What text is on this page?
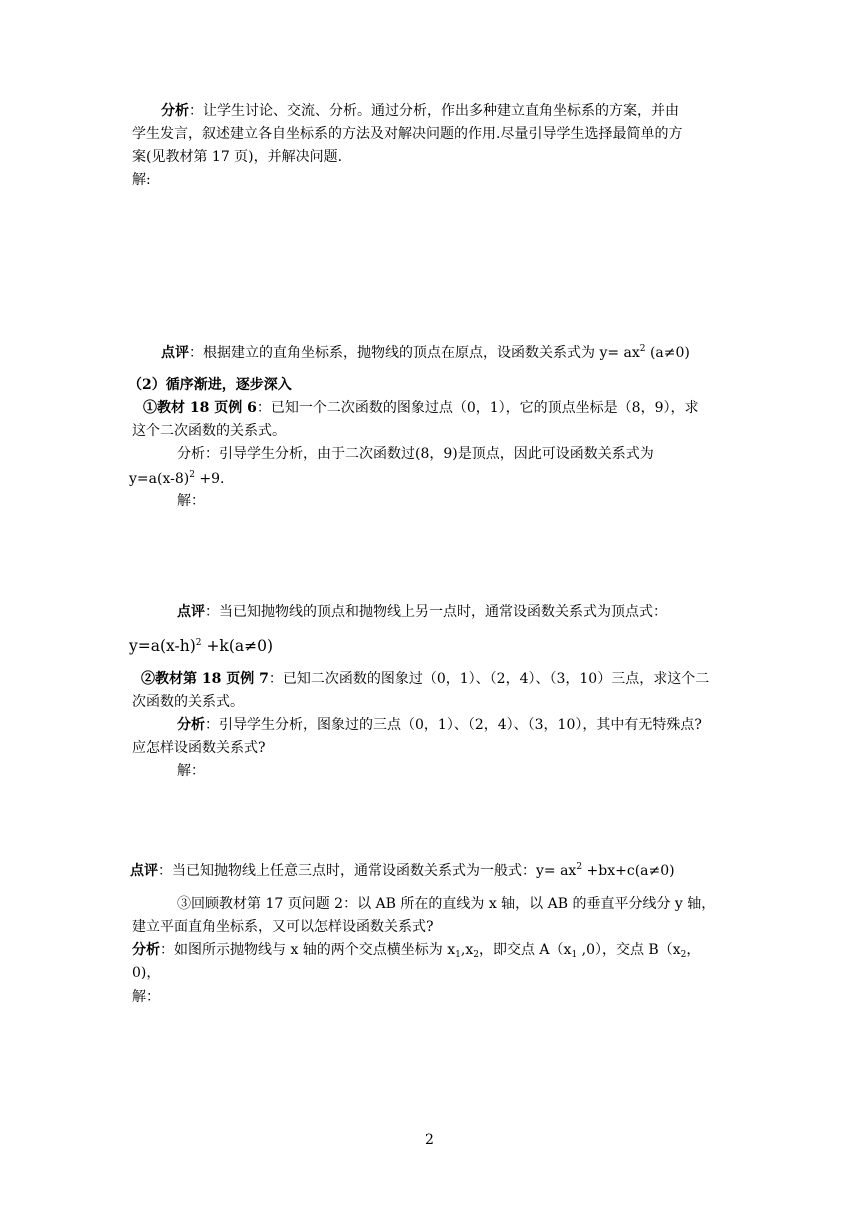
分析：让学生讨论、交流、分析。通过分析，作出多种建立直角坐标系的方案，并由
学生发言，叙述建立各自坐标系的方法及对解决问题的作用.尽量引导学生选择最简单的方
案(见教材第 17 页)，并解决问题.
解:
点评：根据建立的直角坐标系，抛物线的顶点在原点，设函数关系式为 $y= ax^2$ (a≠0)
（2）循序渐进，逐步深入
①教材 18 页例 6：已知一个二次函数的图象过点（0，1），它的顶点坐标是（8，9），求
这个二次函数的关系式。
分析：引导学生分析，由于二次函数过(8，9)是顶点，因此可设函数关系式为
$y=a(x-8)^2 +9$.
解：
点评：当已知抛物线的顶点和抛物线上另一点时，通常设函数关系式为顶点式：
$y=a(x-h)^2 +k(a\ne 0)$
②教材第 18 页例 7：已知二次函数的图象过（0，1）、（2，4）、（3，10）三点，求这个二
次函数的关系式。
分析：引导学生分析，图象过的三点（0，1）、（2，4）、（3，10），其中有无特殊点?
应怎样设函数关系式?
解：
点评：当已知抛物线上任意三点时，通常设函数关系式为一般式：$y= ax^2 +bx+c(a\ne 0)$
③回顾教材第 17 页问题 2：以 AB 所在的直线为 x 轴，以 AB 的垂直平分线分 y 轴，
建立平面直角坐标系，又可以怎样设函数关系式?
分析：如图所示抛物线与 x 轴的两个交点横坐标为 $x_1,x_2$，即交点 $A(x_1$ ,0），交点 $B(x_2$，
0)，
解：
2
